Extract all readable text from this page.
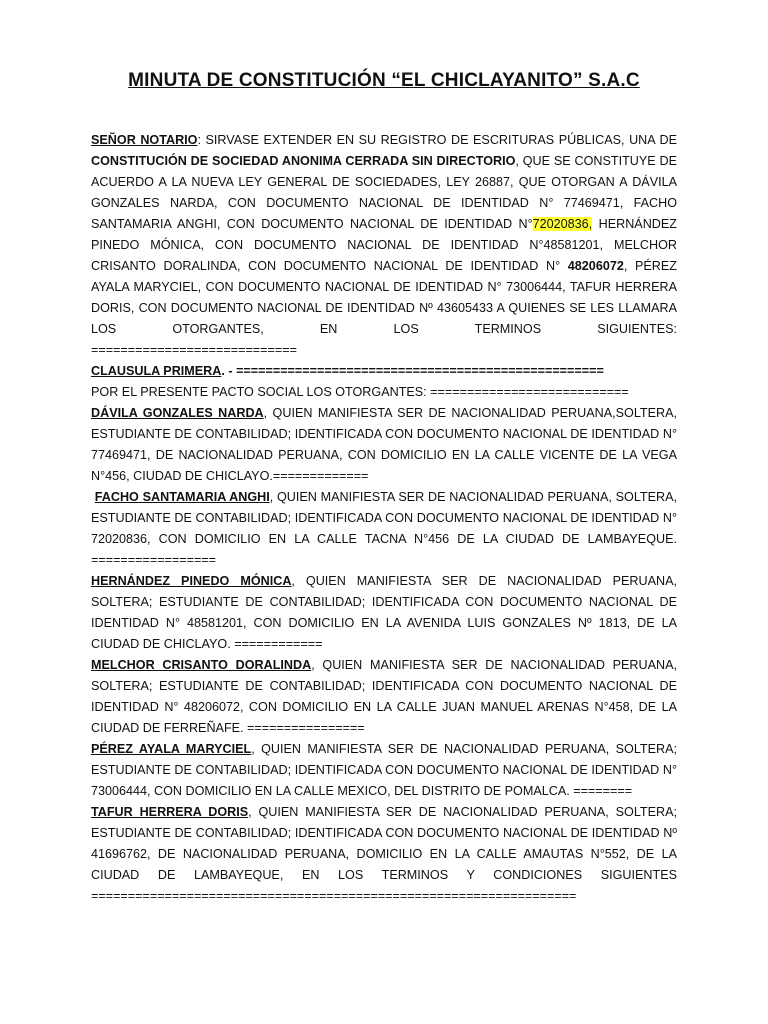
MINUTA DE CONSTITUCIÓN “EL CHICLAYANITO” S.A.C

SEÑOR NOTARIO: SIRVASE EXTENDER EN SU REGISTRO DE ESCRITURAS PÚBLICAS, UNA DE CONSTITUCIÓN DE SOCIEDAD ANONIMA CERRADA SIN DIRECTORIO, QUE SE CONSTITUYE DE ACUERDO A LA NUEVA LEY GENERAL DE SOCIEDADES, LEY 26887, QUE OTORGAN A DÁVILA GONZALES NARDA, CON DOCUMENTO NACIONAL DE IDENTIDAD N° 77469471, FACHO SANTAMARIA ANGHI, CON DOCUMENTO NACIONAL DE IDENTIDAD N°72020836, HERNÁNDEZ PINEDO MÓNICA, CON DOCUMENTO NACIONAL DE IDENTIDAD N°48581201, MELCHOR CRISANTO DORALINDA, CON DOCUMENTO NACIONAL DE IDENTIDAD N° 48206072, PÉREZ AYALA MARYCIEL, CON DOCUMENTO NACIONAL DE IDENTIDAD N° 73006444, TAFUR HERRERA DORIS, CON DOCUMENTO NACIONAL DE IDENTIDAD Nº 43605433 A QUIENES SE LES LLAMARA LOS OTORGANTES, EN LOS TERMINOS SIGUIENTES:

============================

CLAUSULA PRIMERA. - ==================================================

POR EL PRESENTE PACTO SOCIAL LOS OTORGANTES: ===========================

DÁVILA GONZALES NARDA, QUIEN MANIFIESTA SER DE NACIONALIDAD PERUANA,SOLTERA, ESTUDIANTE DE CONTABILIDAD; IDENTIFICADA CON DOCUMENTO NACIONAL DE IDENTIDAD N° 77469471, DE NACIONALIDAD PERUANA, CON DOMICILIO EN LA CALLE VICENTE DE LA VEGA N°456, CIUDAD DE CHICLAYO.=============

FACHO SANTAMARIA ANGHI, QUIEN MANIFIESTA SER DE NACIONALIDAD PERUANA, SOLTERA, ESTUDIANTE DE CONTABILIDAD; IDENTIFICADA CON DOCUMENTO NACIONAL DE IDENTIDAD N° 72020836, CON DOMICILIO EN LA CALLE TACNA N°456 DE LA CIUDAD DE LAMBAYEQUE. =================

HERNÁNDEZ PINEDO MÓNICA, QUIEN MANIFIESTA SER DE NACIONALIDAD PERUANA, SOLTERA; ESTUDIANTE DE CONTABILIDAD; IDENTIFICADA CON DOCUMENTO NACIONAL DE IDENTIDAD N° 48581201, CON DOMICILIO EN LA AVENIDA LUIS GONZALES Nº 1813, DE LA CIUDAD DE CHICLAYO. ============

MELCHOR CRISANTO DORALINDA, QUIEN MANIFIESTA SER DE NACIONALIDAD PERUANA, SOLTERA; ESTUDIANTE DE CONTABILIDAD; IDENTIFICADA CON DOCUMENTO NACIONAL DE IDENTIDAD N° 48206072, CON DOMICILIO EN LA CALLE JUAN MANUEL ARENAS N°458, DE LA CIUDAD DE FERREÑAFE. ================

PÉREZ AYALA MARYCIEL, QUIEN MANIFIESTA SER DE NACIONALIDAD PERUANA, SOLTERA; ESTUDIANTE DE CONTABILIDAD; IDENTIFICADA CON DOCUMENTO NACIONAL DE IDENTIDAD N° 73006444, CON DOMICILIO EN LA CALLE MEXICO, DEL DISTRITO DE POMALCA. ========

TAFUR HERRERA DORIS, QUIEN MANIFIESTA SER DE NACIONALIDAD PERUANA, SOLTERA; ESTUDIANTE DE CONTABILIDAD; IDENTIFICADA CON DOCUMENTO NACIONAL DE IDENTIDAD Nº 41696762, DE NACIONALIDAD PERUANA, DOMICILIO EN LA CALLE AMAUTAS N°552, DE LA CIUDAD DE LAMBAYEQUE, EN LOS TERMINOS Y CONDICIONES SIGUIENTES

==================================================================
